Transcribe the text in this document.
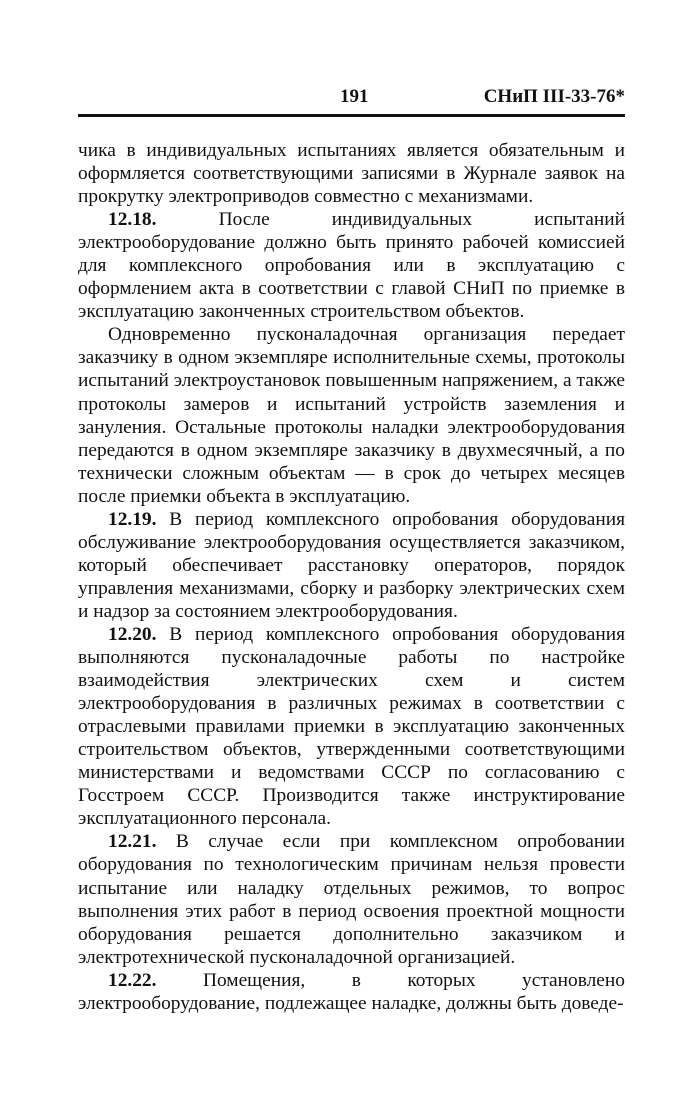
191	СНиП III-33-76*

чика в индивидуальных испытаниях является обязательным и оформляется соответствующими записями в Журнале заявок на прокрутку электроприводов совместно с механизмами.

12.18.	После индивидуальных испытаний электрооборудование должно быть принято рабочей комиссией для комплексного опробования или в эксплуатацию с оформлением акта в соответствии с главой СНиП по приемке в эксплуатацию законченных строительством объектов.

Одновременно пусконаладочная организация передает заказчику в одном экземпляре исполнительные схемы, протоколы испытаний электроустановок повышенным напряжением, а также протоколы замеров и испытаний устройств заземления и зануления. Остальные протоколы наладки электрооборудования передаются в одном экземпляре заказчику в двухмесячный, а по технически сложным объектам — в срок до четырех месяцев после приемки объекта в эксплуатацию.

12.19. В период комплексного опробования оборудования обслуживание электрооборудования осуществляется заказчиком, который обеспечивает расстановку операторов, порядок управления механизмами, сборку и разборку электрических схем и надзор за состоянием электрооборудования.

12.20. В период комплексного опробования оборудования выполняются пусконаладочные работы по настройке взаимодействия электрических схем и систем электрооборудования в различных режимах в соответствии с отраслевыми правилами приемки в эксплуатацию законченных строительством объектов, утвержденными соответствующими министерствами и ведомствами СССР по согласованию с Госстроем СССР. Производится также инструктирование эксплуатационного персонала.

12.21. В случае если при комплексном опробовании оборудования по технологическим причинам нельзя провести испытание или наладку отдельных режимов, то вопрос выполнения этих работ в период освоения проектной мощности оборудования решается дополнительно заказчиком и электротехнической пусконаладочной организацией.

12.22. Помещения, в которых установлено электрооборудование, подлежащее наладке, должны быть доведе-
